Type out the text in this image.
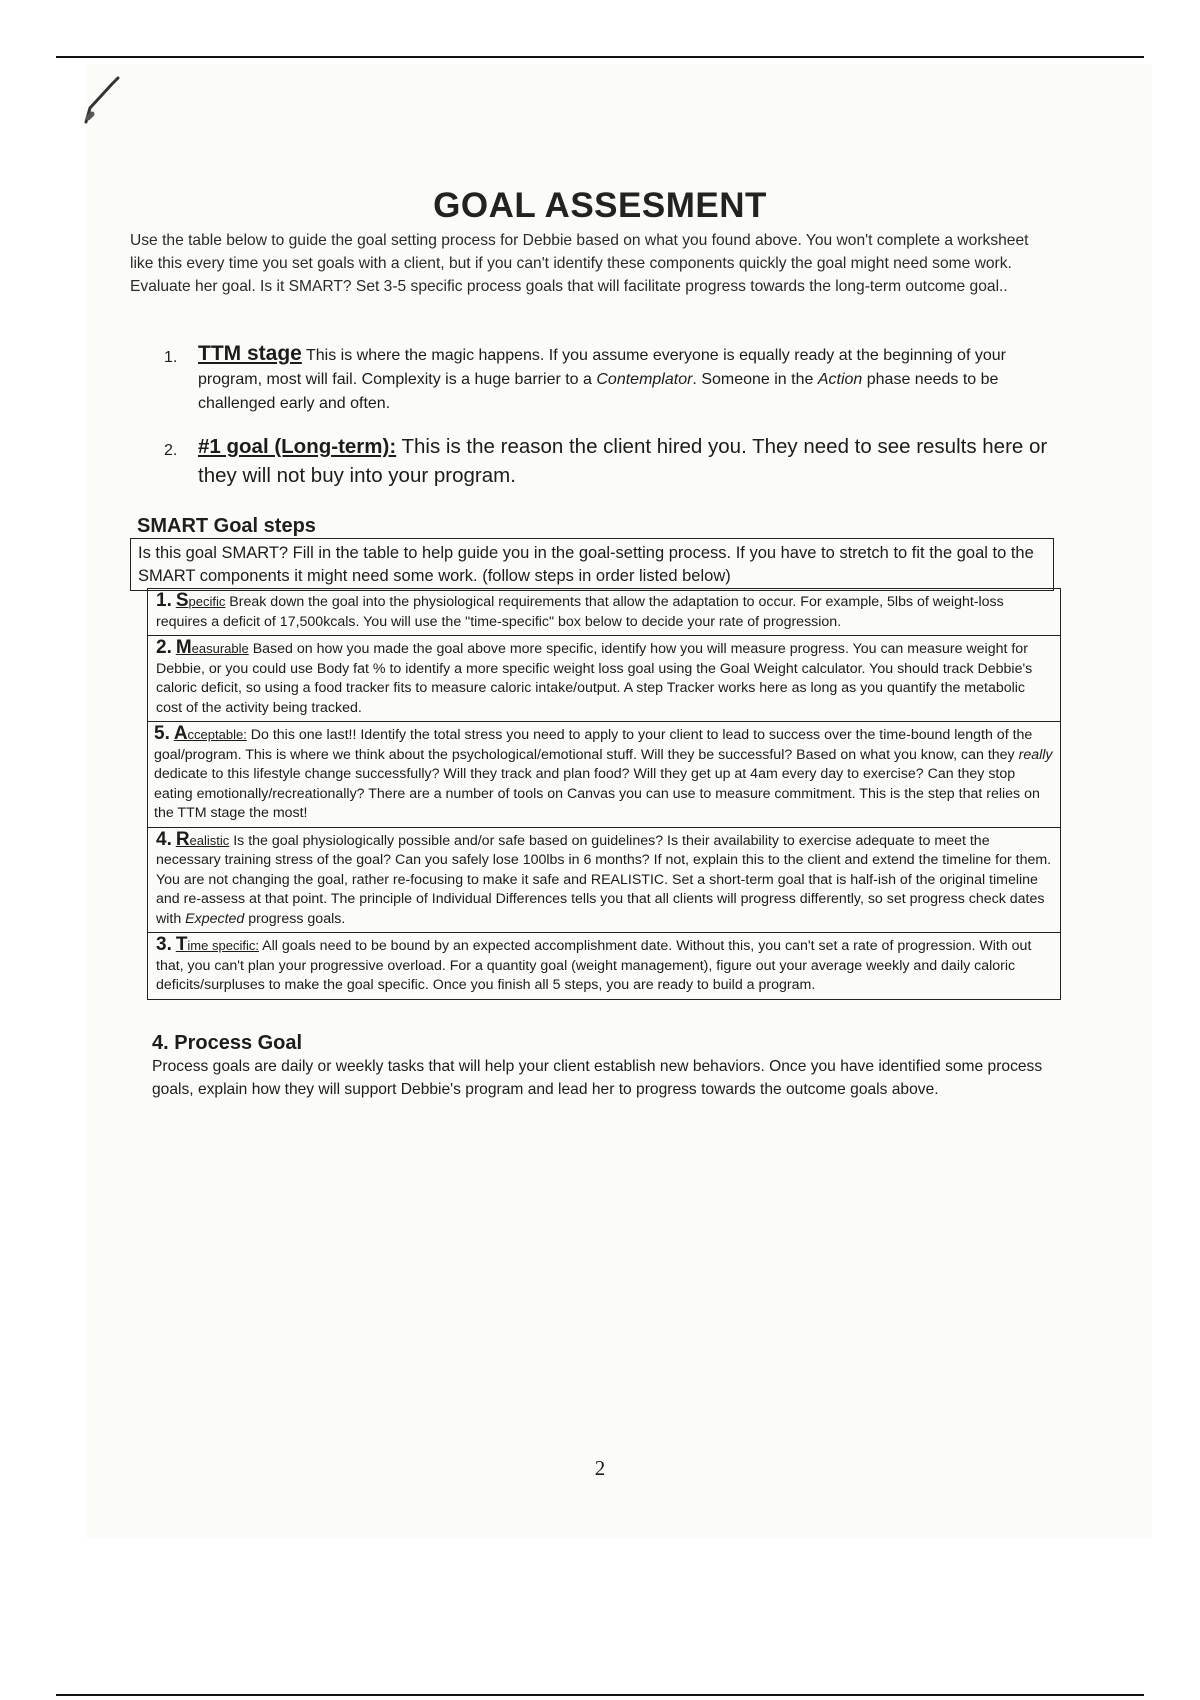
GOAL ASSESMENT
Use the table below to guide the goal setting process for Debbie based on what you found above. You won't complete a worksheet like this every time you set goals with a client, but if you can't identify these components quickly the goal might need some work. Evaluate her goal. Is it SMART? Set 3-5 specific process goals that will facilitate progress towards the long-term outcome goal..
1. TTM stage This is where the magic happens. If you assume everyone is equally ready at the beginning of your program, most will fail. Complexity is a huge barrier to a Contemplator. Someone in the Action phase needs to be challenged early and often.
2. #1 goal (Long-term): This is the reason the client hired you. They need to see results here or they will not buy into your program.
SMART Goal steps
Is this goal SMART? Fill in the table to help guide you in the goal-setting process. If you have to stretch to fit the goal to the SMART components it might need some work. (follow steps in order listed below)
1. Specific Break down the goal into the physiological requirements that allow the adaptation to occur. For example, 5lbs of weight-loss requires a deficit of 17,500kcals. You will use the "time-specific" box below to decide your rate of progression.
2. Measurable Based on how you made the goal above more specific, identify how you will measure progress. You can measure weight for Debbie, or you could use Body fat % to identify a more specific weight loss goal using the Goal Weight calculator. You should track Debbie's caloric deficit, so using a food tracker fits to measure caloric intake/output. A step Tracker works here as long as you quantify the metabolic cost of the activity being tracked.
5. Acceptable: Do this one last!! Identify the total stress you need to apply to your client to lead to success over the time-bound length of the goal/program. This is where we think about the psychological/emotional stuff. Will they be successful? Based on what you know, can they really dedicate to this lifestyle change successfully? Will they track and plan food? Will they get up at 4am every day to exercise? Can they stop eating emotionally/recreationally? There are a number of tools on Canvas you can use to measure commitment. This is the step that relies on the TTM stage the most!
4. Realistic Is the goal physiologically possible and/or safe based on guidelines? Is their availability to exercise adequate to meet the necessary training stress of the goal? Can you safely lose 100lbs in 6 months? If not, explain this to the client and extend the timeline for them. You are not changing the goal, rather re-focusing to make it safe and REALISTIC. Set a short-term goal that is half-ish of the original timeline and re-assess at that point. The principle of Individual Differences tells you that all clients will progress differently, so set progress check dates with Expected progress goals.
3. Time specific: All goals need to be bound by an expected accomplishment date. Without this, you can't set a rate of progression. With out that, you can't plan your progressive overload. For a quantity goal (weight management), figure out your average weekly and daily caloric deficits/surpluses to make the goal specific. Once you finish all 5 steps, you are ready to build a program.
4. Process Goal
Process goals are daily or weekly tasks that will help your client establish new behaviors. Once you have identified some process goals, explain how they will support Debbie's program and lead her to progress towards the outcome goals above.
2
